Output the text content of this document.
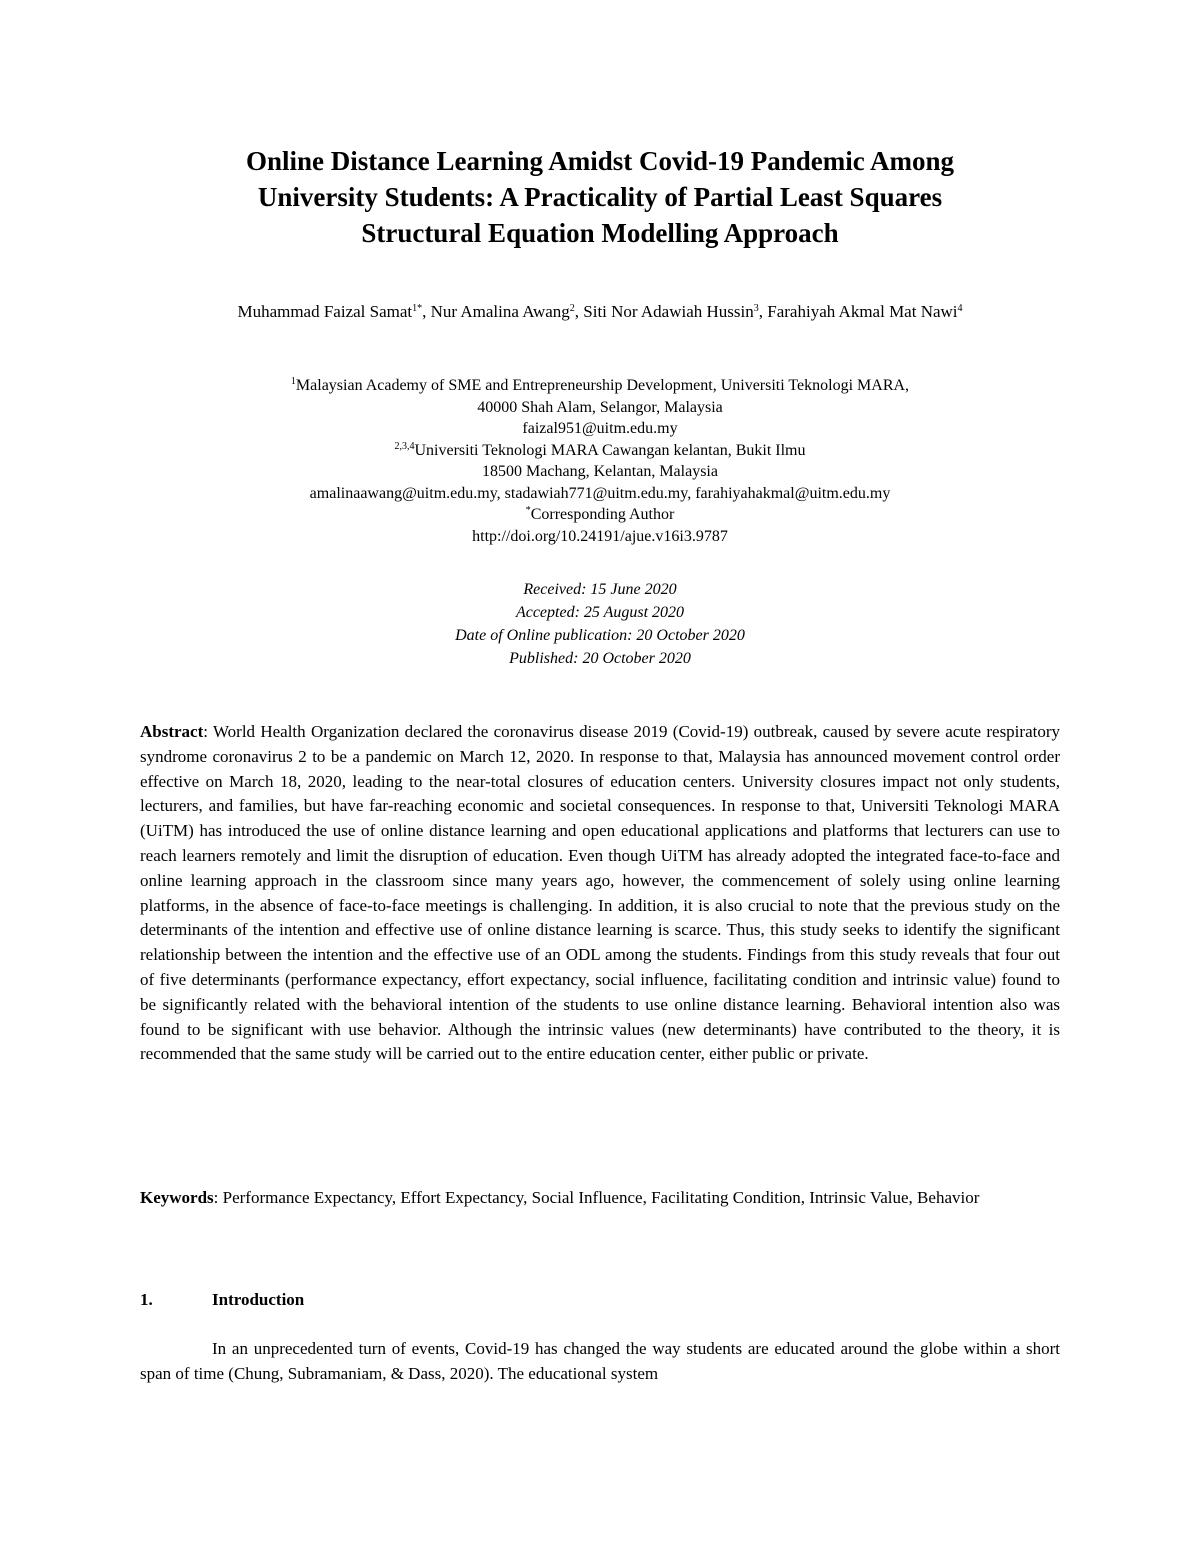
Online Distance Learning Amidst Covid-19 Pandemic Among
University Students: A Practicality of Partial Least Squares
Structural Equation Modelling Approach
Muhammad Faizal Samat$^{1*}$, Nur Amalina Awang$^2$, Siti Nor Adawiah Hussin$^3$, Farahiyah Akmal Mat Nawi$^4$
$^1$Malaysian Academy of SME and Entrepreneurship Development, Universiti Teknologi MARA,
40000 Shah Alam, Selangor, Malaysia
faizal951@uitm.edu.my
$^{2,3,4}$Universiti Teknologi MARA Cawangan kelantan, Bukit Ilmu
18500 Machang, Kelantan, Malaysia
amalinaawang@uitm.edu.my, stadawiah771@uitm.edu.my, farahiyahakmal@uitm.edu.my
*Corresponding Author
http://doi.org/10.24191/ajue.v16i3.9787
Received: 15 June 2020
Accepted: 25 August 2020
Date of Online publication: 20 October 2020
Published: 20 October 2020
Abstract: World Health Organization declared the coronavirus disease 2019 (Covid-19) outbreak, caused by severe acute respiratory syndrome coronavirus 2 to be a pandemic on March 12, 2020. In response to that, Malaysia has announced movement control order effective on March 18, 2020, leading to the near-total closures of education centers. University closures impact not only students, lecturers, and families, but have far-reaching economic and societal consequences. In response to that, Universiti Teknologi MARA (UiTM) has introduced the use of online distance learning and open educational applications and platforms that lecturers can use to reach learners remotely and limit the disruption of education. Even though UiTM has already adopted the integrated face-to-face and online learning approach in the classroom since many years ago, however, the commencement of solely using online learning platforms, in the absence of face-to-face meetings is challenging. In addition, it is also crucial to note that the previous study on the determinants of the intention and effective use of online distance learning is scarce. Thus, this study seeks to identify the significant relationship between the intention and the effective use of an ODL among the students. Findings from this study reveals that four out of five determinants (performance expectancy, effort expectancy, social influence, facilitating condition and intrinsic value) found to be significantly related with the behavioral intention of the students to use online distance learning. Behavioral intention also was found to be significant with use behavior. Although the intrinsic values (new determinants) have contributed to the theory, it is recommended that the same study will be carried out to the entire education center, either public or private.
Keywords: Performance Expectancy, Effort Expectancy, Social Influence, Facilitating Condition, Intrinsic Value, Behavior
1.	Introduction
In an unprecedented turn of events, Covid-19 has changed the way students are educated around the globe within a short span of time (Chung, Subramaniam, & Dass, 2020). The educational system
